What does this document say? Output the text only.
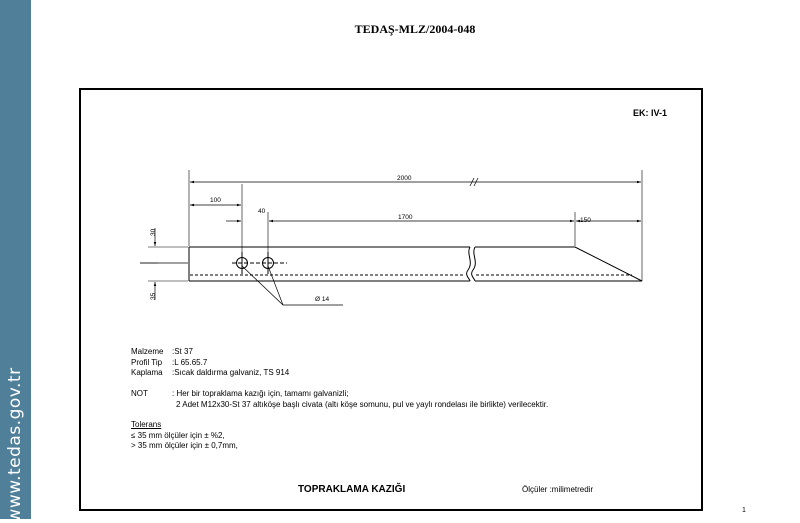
www.tedas.gov.tr
TEDAŞ-MLZ/2004-048
EK: IV-1
2000
100
40
1700	150
30
35	Ø 14
Malzeme :St 37
Profil Tip :L 65.65.7
Kaplama :Sıcak daldırma galvaniz, TS 914
NOT	: Her bir topraklama kazığı için, tamamı galvanizli;
2 Adet M12x30-St 37 altıköşe başlı civata (altı köşe somunu, pul ve yaylı rondelası ile birlikte) verilecektir.
Tolerans
≤ 35 mm ölçüler için ± %2,
> 35 mm ölçüler için ± 0,7mm,
TOPRAKLAMA KAZIĞI	Ölçüler :milimetredir
1
